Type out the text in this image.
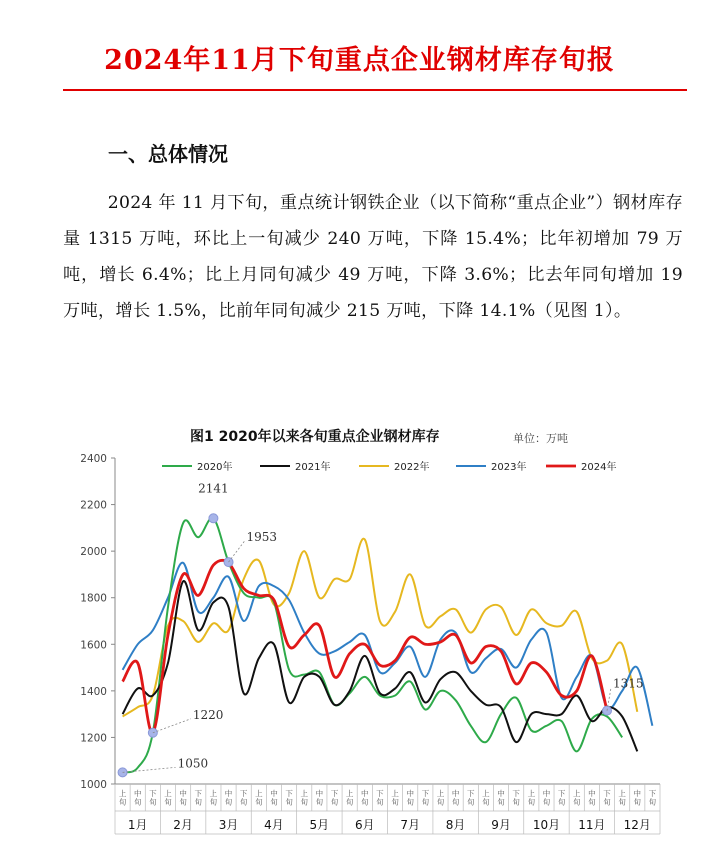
2024年11月下旬重点企业钢材库存旬报
一、总体情况
2024 年 11 月下旬，重点统计钢铁企业（以下简称“重点企业”）钢材库存量 1315 万吨，环比上一旬减少 240 万吨，下降 15.4%；比年初增加 79 万吨，增长 6.4%；比上月同旬减少 49 万吨，下降 3.6%；比去年同旬增加 19 万吨，增长 1.5%，比前年同旬减少 215 万吨，下降 14.1%（见图 1）。
图1 2020年以来各旬重点企业钢材库存	单位：万吨
1000
1200
1400
1600
1800
2000
2200
2400
上旬
中旬
下旬
上旬
中旬
下旬
上旬
中旬
下旬
上旬
中旬
下旬
上旬
中旬
下旬
上旬
中旬
下旬
上旬
中旬
下旬
上旬
中旬
下旬
上旬
中旬
下旬
上旬
中旬
下旬
上旬
中旬
下旬
上旬
中旬
下旬
1月 2月 3月 4月 5月 6月 7月 8月 9月 10月 11月 12月
2020年	2021年	2022年	2023年	2024年
2141
1953
1220
1050
1315
